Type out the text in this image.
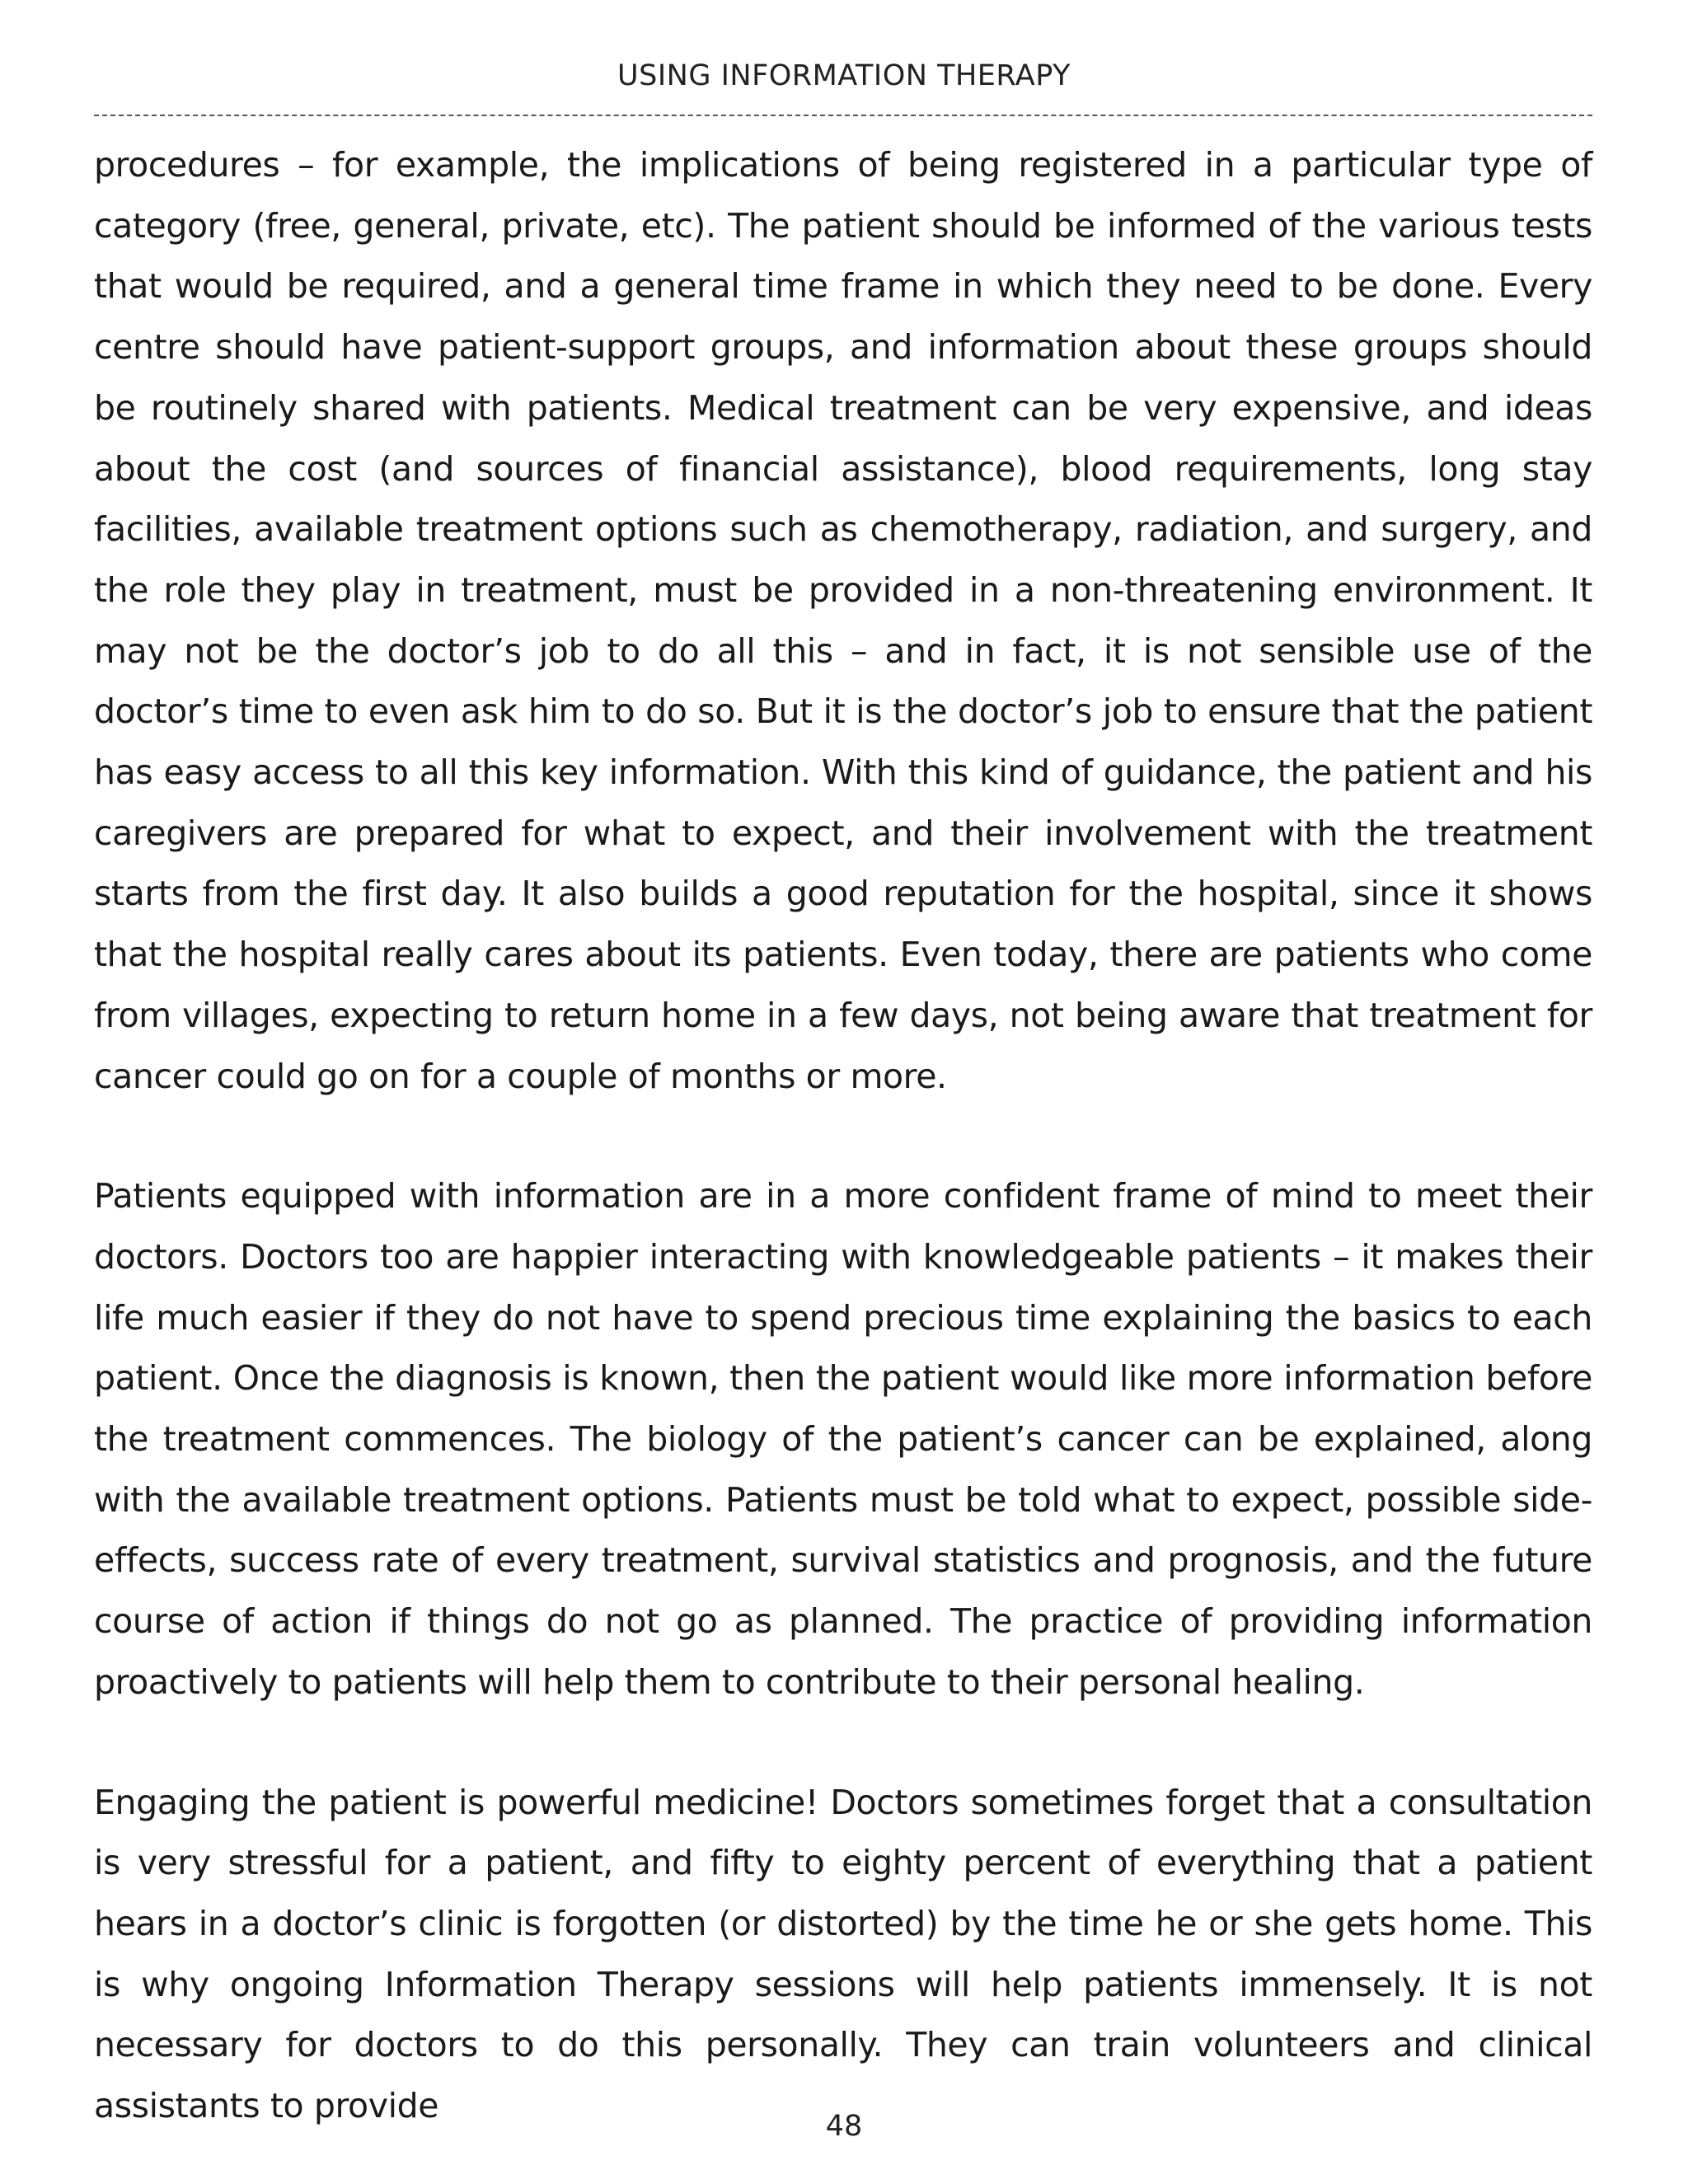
USING INFORMATION THERAPY

procedures – for example, the implications of being registered in a particular type of category (free, general, private, etc). The patient should be informed of the various tests that would be required, and a general time frame in which they need to be done. Every centre should have patient-support groups, and information about these groups should be routinely shared with patients. Medical treatment can be very expensive, and ideas about the cost (and sources of financial assistance), blood requirements, long stay facilities, available treatment options such as chemotherapy, radiation, and surgery, and the role they play in treatment, must be provided in a non-threatening environment. It may not be the doctor’s job to do all this – and in fact, it is not sensible use of the doctor’s time to even ask him to do so. But it is the doctor’s job to ensure that the patient has easy access to all this key information. With this kind of guidance, the patient and his caregivers are prepared for what to expect, and their involvement with the treatment starts from the first day. It also builds a good reputation for the hospital, since it shows that the hospital really cares about its patients. Even today, there are patients who come from villages, expecting to return home in a few days, not being aware that treatment for cancer could go on for a couple of months or more.

Patients equipped with information are in a more confident frame of mind to meet their doctors. Doctors too are happier interacting with knowledgeable patients – it makes their life much easier if they do not have to spend precious time explaining the basics to each patient. Once the diagnosis is known, then the patient would like more information before the treatment commences. The biology of the patient’s cancer can be explained, along with the available treatment options. Patients must be told what to expect, possible side- effects, success rate of every treatment, survival statistics and prognosis, and the future course of action if things do not go as planned. The practice of providing information proactively to patients will help them to contribute to their personal healing.

Engaging the patient is powerful medicine! Doctors sometimes forget that a consultation is very stressful for a patient, and fifty to eighty percent of everything that a patient hears in a doctor’s clinic is forgotten (or distorted) by the time he or she gets home. This is why ongoing Information Therapy sessions will help patients immensely. It is not necessary for doctors to do this personally. They can train volunteers and clinical assistants to provide

48
